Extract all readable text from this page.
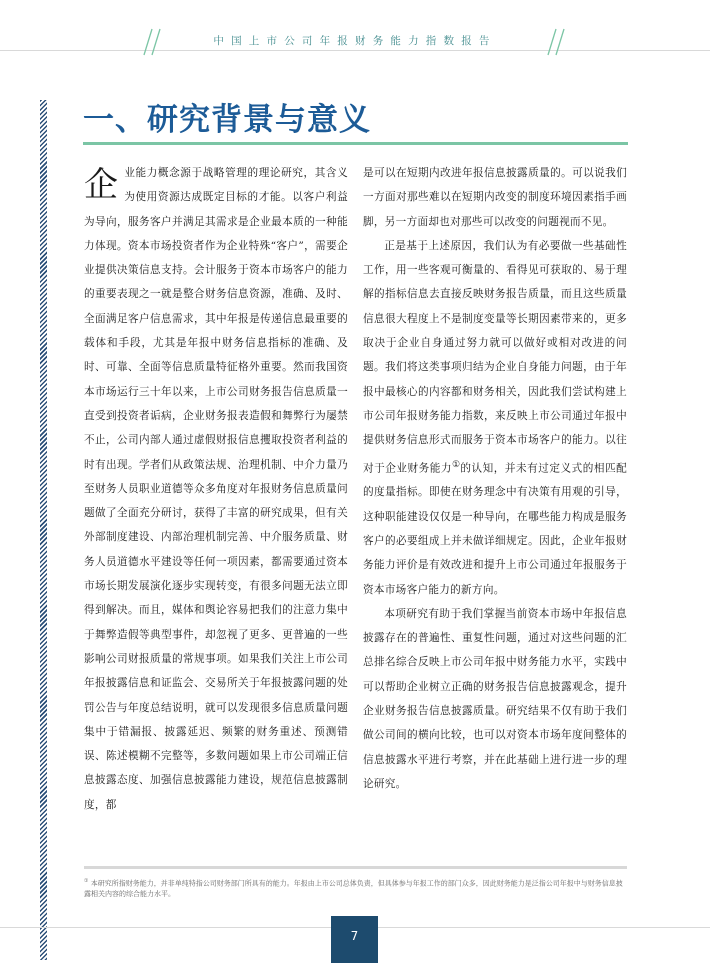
中国上市公司年报财务能力指数报告
一、研究背景与意义

企业能力概念源于战略管理的理论研究，其含义为使用资源达成既定目标的才能。以客户利益为导向，服务客户并满足其需求是企业最本质的一种能力体现。资本市场投资者作为企业特殊“客户”，需要企业提供决策信息支持。会计服务于资本市场客户的能力的重要表现之一就是整合财务信息资源，准确、及时、全面满足客户信息需求，其中年报是传递信息最重要的载体和手段，尤其是年报中财务信息指标的准确、及时、可靠、全面等信息质量特征格外重要。然而我国资本市场运行三十年以来，上市公司财务报告信息质量一直受到投资者诟病，企业财务报表造假和舞弊行为屡禁不止，公司内部人通过虚假财报信息攫取投资者利益的时有出现。学者们从政策法规、治理机制、中介力量乃至财务人员职业道德等众多角度对年报财务信息质量问题做了全面充分研讨，获得了丰富的研究成果，但有关外部制度建设、内部治理机制完善、中介服务质量、财务人员道德水平建设等任何一项因素，都需要通过资本市场长期发展演化逐步实现转变，有很多问题无法立即得到解决。而且，媒体和舆论容易把我们的注意力集中于舞弊造假等典型事件，却忽视了更多、更普遍的一些影响公司财报质量的常规事项。如果我们关注上市公司年报披露信息和证监会、交易所关于年报披露问题的处罚公告与年度总结说明，就可以发现很多信息质量问题集中于错漏报、披露延迟、频繁的财务重述、预测错误、陈述模糊不完整等，多数问题如果上市公司端正信息披露态度、加强信息披露能力建设，规范信息披露制度，都

是可以在短期内改进年报信息披露质量的。可以说我们一方面对那些难以在短期内改变的制度环境因素指手画脚，另一方面却也对那些可以改变的问题视而不见。

正是基于上述原因，我们认为有必要做一些基础性工作，用一些客观可衡量的、看得见可获取的、易于理解的指标信息去直接反映财务报告质量，而且这些质量信息很大程度上不是制度变量等长期因素带来的，更多取决于企业自身通过努力就可以做好或相对改进的问题。我们将这类事项归结为企业自身能力问题，由于年报中最核心的内容都和财务相关，因此我们尝试构建上市公司年报财务能力指数，来反映上市公司通过年报中提供财务信息形式而服务于资本市场客户的能力。以往对于企业财务能力①的认知，并未有过定义式的相匹配的度量指标。即使在财务理念中有决策有用观的引导，这种职能建设仅仅是一种导向，在哪些能力构成是服务客户的必要组成上并未做详细规定。因此，企业年报财务能力评价是有效改进和提升上市公司通过年报服务于资本市场客户能力的新方向。

本项研究有助于我们掌握当前资本市场中年报信息披露存在的普遍性、重复性问题，通过对这些问题的汇总排名综合反映上市公司年报中财务能力水平，实践中可以帮助企业树立正确的财务报告信息披露观念，提升企业财务报告信息披露质量。研究结果不仅有助于我们做公司间的横向比较，也可以对资本市场年度间整体的信息披露水平进行考察，并在此基础上进行进一步的理论研究。

① 本研究所指财务能力，并非单纯特指公司财务部门所具有的能力。年报由上市公司总体负责，但具体参与年报工作的部门众多，因此财务能力是泛指公司年报中与财务信息披露相关内容的综合能力水平。
7
